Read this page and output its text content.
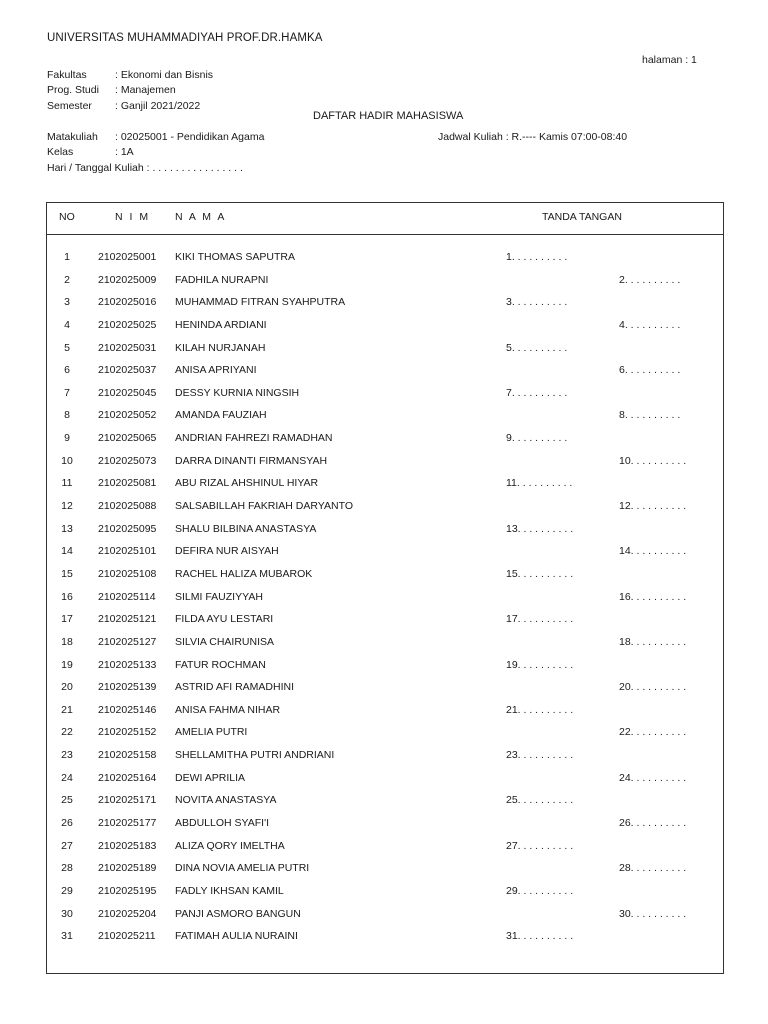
UNIVERSITAS MUHAMMADIYAH PROF.DR.HAMKA
halaman : 1
Fakultas	: Ekonomi dan Bisnis
Prog. Studi : Manajemen
Semester : Ganjil 2021/2022
DAFTAR HADIR MAHASISWA
Matakuliah : 02025001 - Pendidikan Agama	Jadwal Kuliah : R.---- Kamis 07:00-08:40
Kelas	: 1A
Hari / Tanggal Kuliah : . . . . . . . . . . . . . . . .
NO	N I M N A M A	TANDA TANGAN
1	2102025001 KIKI THOMAS SAPUTRA	1. . . . . . . . . .
2	2102025009 FADHILA NURAPNI	2. . . . . . . . . .
3	2102025016 MUHAMMAD FITRAN SYAHPUTRA	3. . . . . . . . . .
4	2102025025 HENINDA ARDIANI	4. . . . . . . . . .
5	2102025031 KILAH NURJANAH	5. . . . . . . . . .
6	2102025037 ANISA APRIYANI	6. . . . . . . . . .
7	2102025045 DESSY KURNIA NINGSIH	7. . . . . . . . . .
8	2102025052 AMANDA FAUZIAH	8. . . . . . . . . .
9	2102025065 ANDRIAN FAHREZI RAMADHAN	9. . . . . . . . . .
10	2102025073 DARRA DINANTI FIRMANSYAH	10. . . . . . . . . .
11	2102025081 ABU RIZAL AHSHINUL HIYAR	11. . . . . . . . . .
12	2102025088 SALSABILLAH FAKRIAH DARYANTO	12. . . . . . . . . .
13	2102025095 SHALU BILBINA ANASTASYA	13. . . . . . . . . .
14	2102025101 DEFIRA NUR AISYAH	14. . . . . . . . . .
15	2102025108 RACHEL HALIZA MUBAROK	15. . . . . . . . . .
16	2102025114 SILMI FAUZIYYAH	16. . . . . . . . . .
17	2102025121 FILDA AYU LESTARI	17. . . . . . . . . .
18	2102025127 SILVIA CHAIRUNISA	18. . . . . . . . . .
19	2102025133 FATUR ROCHMAN	19. . . . . . . . . .
20	2102025139 ASTRID AFI RAMADHINI	20. . . . . . . . . .
21	2102025146 ANISA FAHMA NIHAR	21. . . . . . . . . .
22	2102025152 AMELIA PUTRI	22. . . . . . . . . .
23	2102025158 SHELLAMITHA PUTRI ANDRIANI	23. . . . . . . . . .
24	2102025164 DEWI APRILIA	24. . . . . . . . . .
25	2102025171 NOVITA ANASTASYA	25. . . . . . . . . .
26	2102025177 ABDULLOH SYAFI'I	26. . . . . . . . . .
27	2102025183 ALIZA QORY IMELTHA	27. . . . . . . . . .
28	2102025189 DINA NOVIA AMELIA PUTRI	28. . . . . . . . . .
29	2102025195 FADLY IKHSAN KAMIL	29. . . . . . . . . .
30	2102025204 PANJI ASMORO BANGUN	30. . . . . . . . . .
31	2102025211 FATIMAH AULIA NURAINI	31. . . . . . . . . .
